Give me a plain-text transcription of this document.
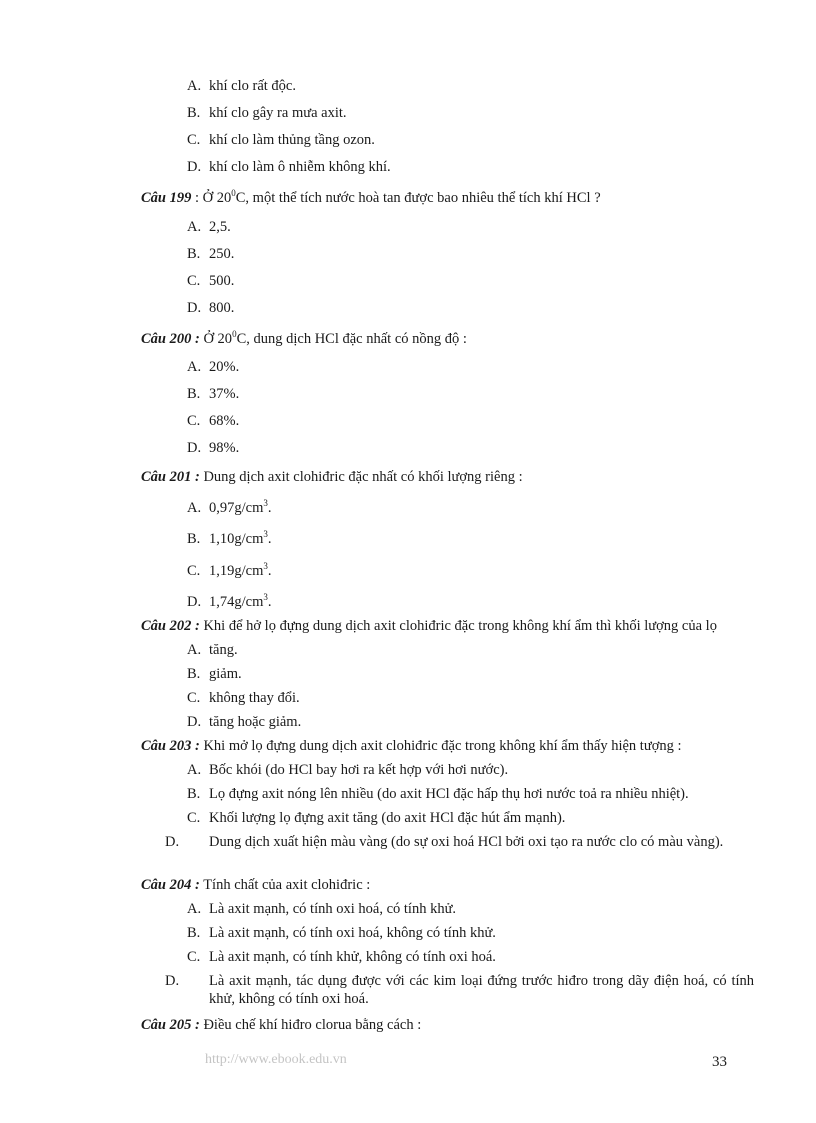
A. khí clo rất độc.
B. khí clo gây ra mưa axit.
C. khí clo làm thủng tầng ozon.
D. khí clo làm ô nhiễm không khí.
Câu 199 : Ở $20^0C$, một thể tích nước hoà tan được bao nhiêu thể tích khí HCl ?
A. 2,5.
B. 250.
C. 500.
D. 800.
Câu 200 : Ở $20^0C$, dung dịch HCl đặc nhất có nồng độ :
A. 20%.
B. 37%.
C. 68%.
D. 98%.
Câu 201 : Dung dịch axit clohiđric đặc nhất có khối lượng riêng :
A. $0,97g/cm^3$.
B. $1,10g/cm^3$.
C. $1,19g/cm^3$.
D. $1,74g/cm^3$.
Câu 202 : Khi để hở lọ đựng dung dịch axit clohiđric đặc trong không khí ẩm thì khối lượng của lọ
A. tăng.
B. giảm.
C. không thay đổi.
D. tăng hoặc giảm.
Câu 203 : Khi mở lọ đựng dung dịch axit clohiđric đặc trong không khí ẩm thấy hiện tượng :
A. Bốc khói (do HCl bay hơi ra kết hợp với hơi nước).
B. Lọ đựng axit nóng lên nhiều (do axit HCl đặc hấp thụ hơi nước toả ra nhiều nhiệt).
C. Khối lượng lọ đựng axit tăng (do axit HCl đặc hút ẩm mạnh).
D. Dung dịch xuất hiện màu vàng (do sự oxi hoá HCl bởi oxi tạo ra nước clo có màu vàng).
Câu 204 : Tính chất của axit clohiđric :
A. Là axit mạnh, có tính oxi hoá, có tính khử.
B. Là axit mạnh, có tính oxi hoá, không có tính khử.
C. Là axit mạnh, có tính khử, không có tính oxi hoá.
D. Là axit mạnh, tác dụng được với các kim loại đứng trước hiđro trong dãy điện hoá, có tính khử, không có tính oxi hoá.
Câu 205 : Điều chế khí hiđro clorua bằng cách :
http://www.ebook.edu.vn	33
